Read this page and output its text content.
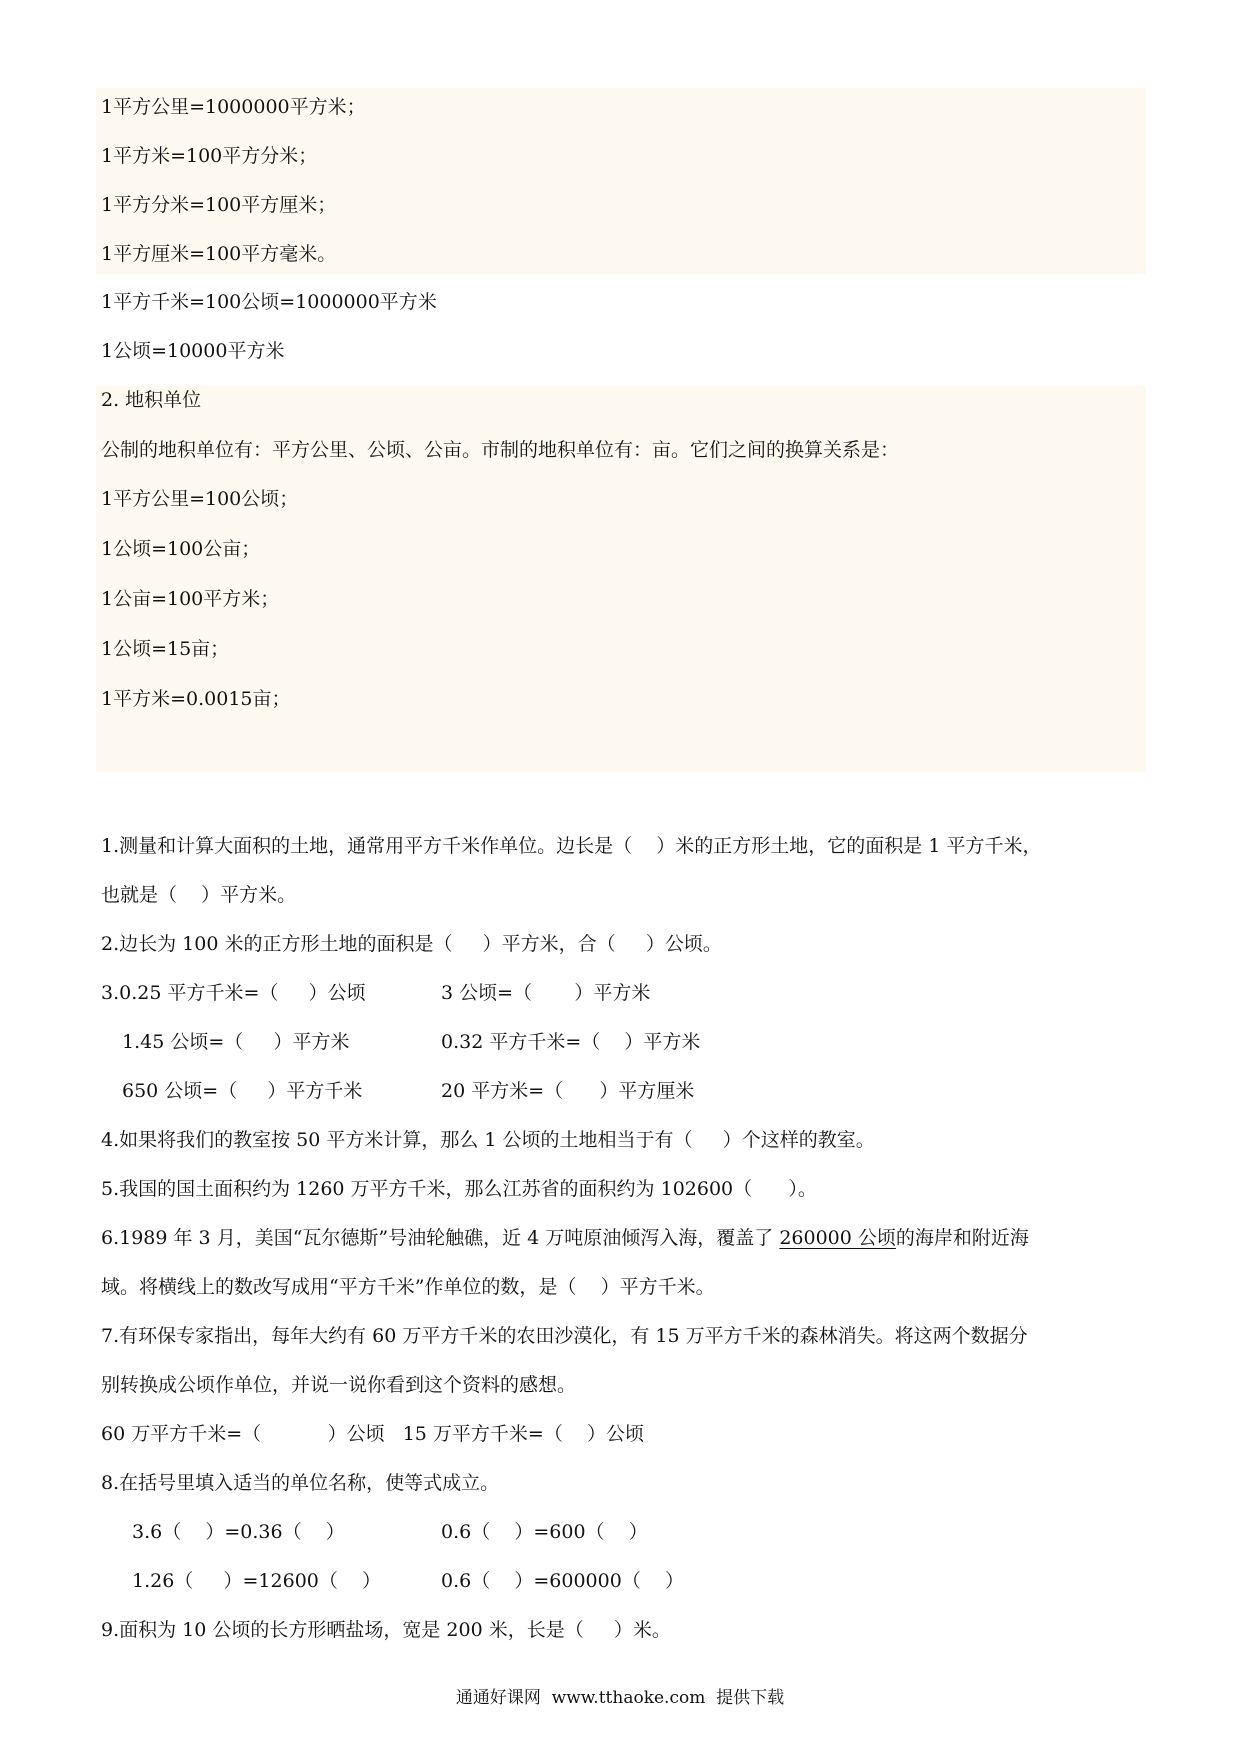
1平方公里=1000000平方米；
1平方米=100平方分米；
1平方分米=100平方厘米；
1平方厘米=100平方毫米。
1平方千米=100公顷=1000000平方米
1公顷=10000平方米
2. 地积单位
公制的地积单位有：平方公里、公顷、公亩。市制的地积单位有：亩。它们之间的换算关系是：
1平方公里=100公顷；
1公顷=100公亩；
1公亩=100平方米；
1公顷=15亩；
1平方米=0.0015亩；
1.测量和计算大面积的土地，通常用平方千米作单位。边长是（    ）米的正方形土地，它的面积是 1 平方千米，
也就是（    ）平方米。
2.边长为 100 米的正方形土地的面积是（     ）平方米，合（     ）公顷。
3.0.25 平方千米=（     ）公顷	3 公顷=（       ）平方米
1.45 公顷=（     ）平方米	0.32 平方千米=（    ）平方米
650 公顷=（     ）平方千米	20 平方米=（      ）平方厘米
4.如果将我们的教室按 50 平方米计算，那么 1 公顷的土地相当于有（     ）个这样的教室。
5.我国的国土面积约为 1260 万平方千米，那么江苏省的面积约为 102600（      ）。
6.1989 年 3 月，美国“瓦尔德斯”号油轮触礁，近 4 万吨原油倾泻入海，覆盖了 260000 公顷的海岸和附近海
域。将横线上的数改写成用“平方千米”作单位的数，是（    ）平方千米。
7.有环保专家指出，每年大约有 60 万平方千米的农田沙漠化，有 15 万平方千米的森林消失。将这两个数据分
别转换成公顷作单位，并说一说你看到这个资料的感想。
60 万平方千米=（           ）公顷   15 万平方千米=（    ）公顷
8.在括号里填入适当的单位名称，使等式成立。
3.6（    ）=0.36（    ）	0.6（    ）=600（    ）
1.26（     ）=12600（    ）	0.6（    ）=600000（    ）
9.面积为 10 公顷的长方形晒盐场，宽是 200 米，长是（     ）米。
通通好课网  www.tthaoke.com  提供下载
